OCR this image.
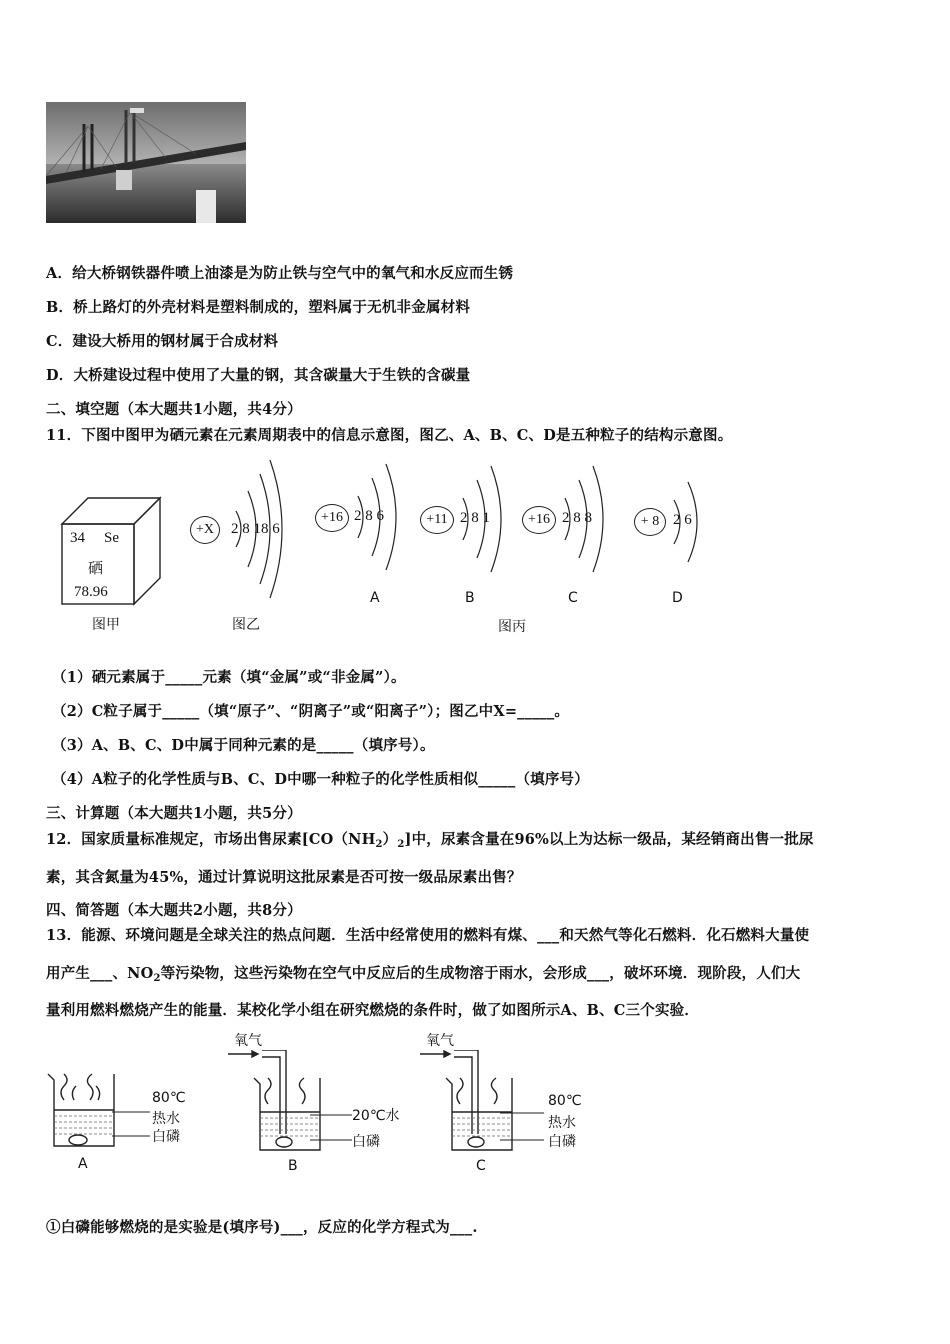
A．给大桥钢铁器件喷上油漆是为防止铁与空气中的氧气和水反应而生锈
B．桥上路灯的外壳材料是塑料制成的，塑料属于无机非金属材料
C．建设大桥用的钢材属于合成材料
D．大桥建设过程中使用了大量的钢，其含碳量大于生铁的含碳量
二、填空题（本大题共1小题，共4分）
11．下图中图甲为硒元素在元素周期表中的信息示意图，图乙、A、B、C、D是五种粒子的结构示意图。
34 Se
硒
78.96
图甲
+X	2 8 18 6
图乙
+16 2 8 6
A
+11 2 8 1
B
+16 2 8 8
C
+ 8 2 6
D
图丙
（1）硒元素属于_____元素（填“金属”或“非金属”）。
（2）C粒子属于_____（填“原子”、“阴离子”或“阳离子”）；图乙中X=_____。
（3）A、B、C、D中属于同种元素的是_____（填序号）。
（4）A粒子的化学性质与B、C、D中哪一种粒子的化学性质相似_____（填序号）
三、计算题（本大题共1小题，共5分）
12．国家质量标准规定，市场出售尿素$[CO(NH_2)_2]$中，尿素含量在96%以上为达标一级品，某经销商出售一批尿
素，其含氮量为45%，通过计算说明这批尿素是否可按一级品尿素出售？
四、简答题（本大题共2小题，共8分）
13．能源、环境问题是全球关注的热点问题．生活中经常使用的燃料有煤、___和天然气等化石燃料．化石燃料大量使
用产生___、$NO_2$等污染物，这些污染物在空气中反应后的生成物溶于雨水，会形成___，破坏环境．现阶段，人们大
量利用燃料燃烧产生的能量．某校化学小组在研究燃烧的条件时，做了如图所示A、B、C三个实验．
80℃
热水
白磷
A
氧气
20℃水
白磷
B
氧气
80℃
热水
白磷
C
①白磷能够燃烧的是实验是(填序号)___，反应的化学方程式为___.
